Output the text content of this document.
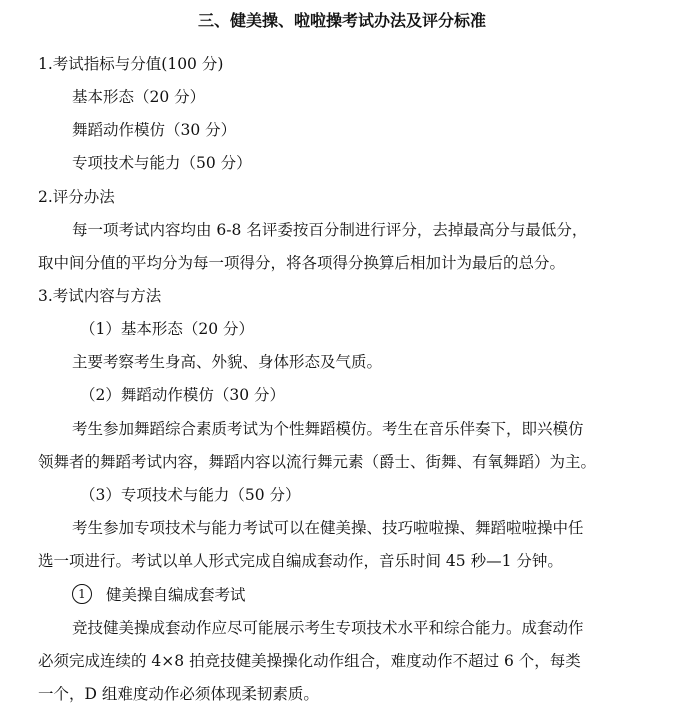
三、健美操、啦啦操考试办法及评分标准
1.考试指标与分值(100 分)
基本形态（20 分）
舞蹈动作模仿（30 分）
专项技术与能力（50 分）
2.评分办法
每一项考试内容均由 6-8 名评委按百分制进行评分，去掉最高分与最低分，
取中间分值的平均分为每一项得分，将各项得分换算后相加计为最后的总分。
3.考试内容与方法
（1）基本形态（20 分）
主要考察考生身高、外貌、身体形态及气质。
（2）舞蹈动作模仿（30 分）
考生参加舞蹈综合素质考试为个性舞蹈模仿。考生在音乐伴奏下，即兴模仿
领舞者的舞蹈考试内容，舞蹈内容以流行舞元素（爵士、街舞、有氧舞蹈）为主。
（3）专项技术与能力（50 分）
考生参加专项技术与能力考试可以在健美操、技巧啦啦操、舞蹈啦啦操中任
选一项进行。考试以单人形式完成自编成套动作，音乐时间 45 秒—1 分钟。
1 健美操自编成套考试
竞技健美操成套动作应尽可能展示考生专项技术水平和综合能力。成套动作
必须完成连续的 4×8 拍竞技健美操操化动作组合，难度动作不超过 6 个，每类
一个，D 组难度动作必须体现柔韧素质。
